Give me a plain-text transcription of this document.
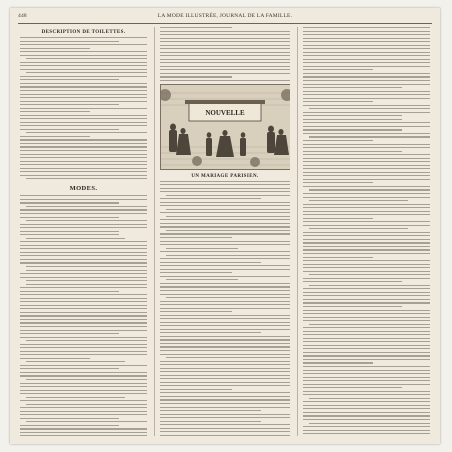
448	LA MODE ILLUSTRÉE, JOURNAL DE LA FAMILLE.
DESCRIPTION DE TOILETTES.
MODES.
NOUVELLE
UN MARIAGE PARISIEN.
